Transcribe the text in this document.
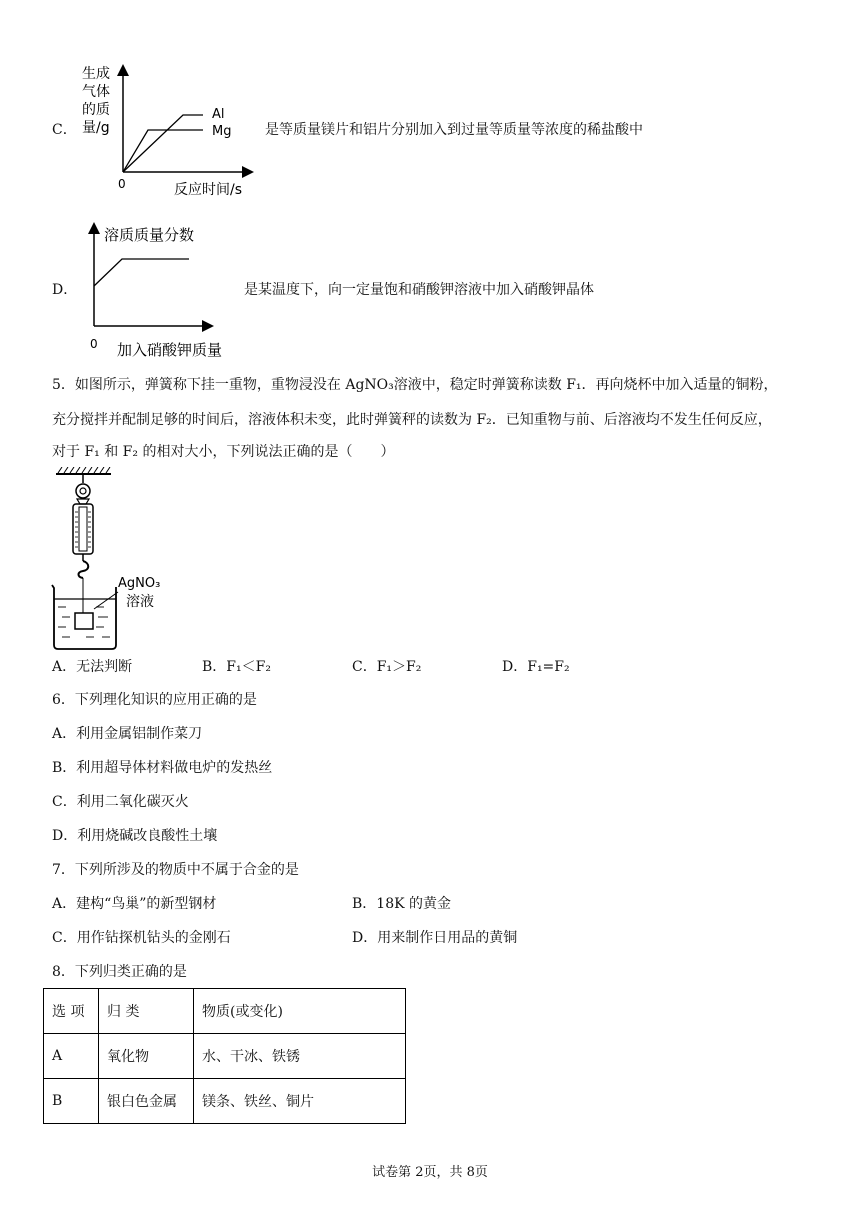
C．
生成
气体
的质
量/g
Al
Mg
0	反应时间/s
是等质量镁片和铝片分别加入到过量等质量等浓度的稀盐酸中
D．
溶质质量分数
0 加入硝酸钾质量
是某温度下，向一定量饱和硝酸钾溶液中加入硝酸钾晶体
5．如图所示，弹簧称下挂一重物，重物浸没在 AgNO₃溶液中，稳定时弹簧称读数 F₁．再向烧杯中加入适量的铜粉，
充分搅拌并配制足够的时间后，溶液体积未变，此时弹簧秤的读数为 F₂．已知重物与前、后溶液均不发生任何反应，
对于 F₁ 和 F₂ 的相对大小，下列说法正确的是（　　）
AgNO₃
溶液
A．无法判断	B．F₁＜F₂	C．F₁＞F₂	D．F₁=F₂
6．下列理化知识的应用正确的是
A．利用金属铝制作菜刀
B．利用超导体材料做电炉的发热丝
C．利用二氧化碳灭火
D．利用烧碱改良酸性土壤
7．下列所涉及的物质中不属于合金的是
A．建构“鸟巢”的新型钢材	B．18K 的黄金
C．用作钻探机钻头的金刚石	D．用来制作日用品的黄铜
8．下列归类正确的是
选 项	归 类	物质(或变化)
A	氧化物	水、干冰、铁锈
B	银白色金属	镁条、铁丝、铜片
试卷第 2页，共 8页
